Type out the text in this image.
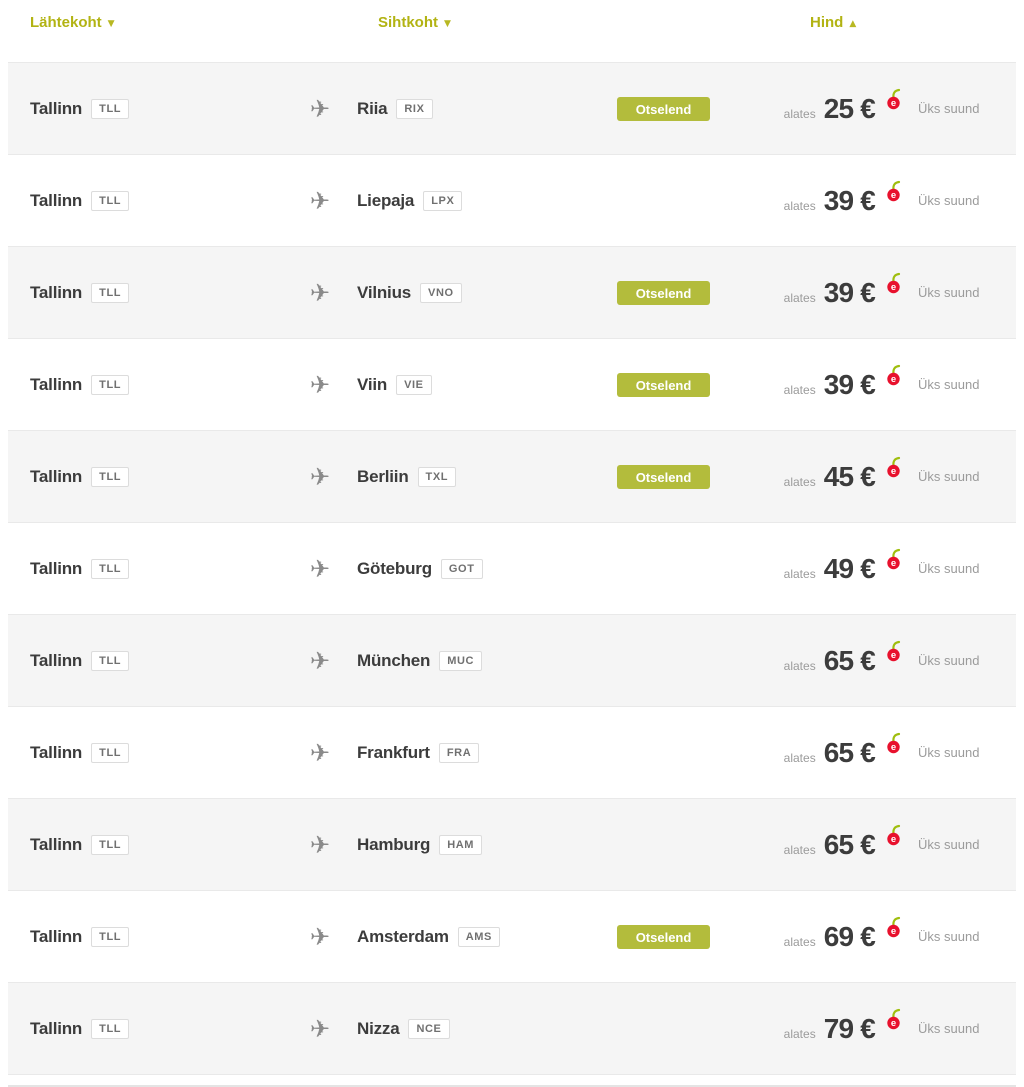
Lähtekoht ▼	Sihtkoht ▼	Hind ▲
Tallinn	TLL	✈ Riia	RIX	Otselend	alates 25 € e Üks suund
Tallinn	TLL	✈ Liepaja	LPX	alates 39 € e Üks suund
Tallinn	TLL	✈ Vilnius	VNO	Otselend	alates 39 € e Üks suund
Tallinn	TLL	✈ Viin	VIE	Otselend	alates 39 € e Üks suund
Tallinn	TLL	✈ Berliin	TXL	Otselend	alates 45 € e Üks suund
Tallinn	TLL	✈ Göteburg	GOT	alates 49 € e Üks suund
Tallinn	TLL	✈ München	MUC	alates 65 € e Üks suund
Tallinn	TLL	✈ Frankfurt	FRA	alates 65 € e Üks suund
Tallinn	TLL	✈ Hamburg	HAM	alates 65 € e Üks suund
Tallinn	TLL	✈ Amsterdam	AMS	Otselend	alates 69 € e Üks suund
Tallinn	TLL	✈ Nizza	NCE	alates 79 € e Üks suund
